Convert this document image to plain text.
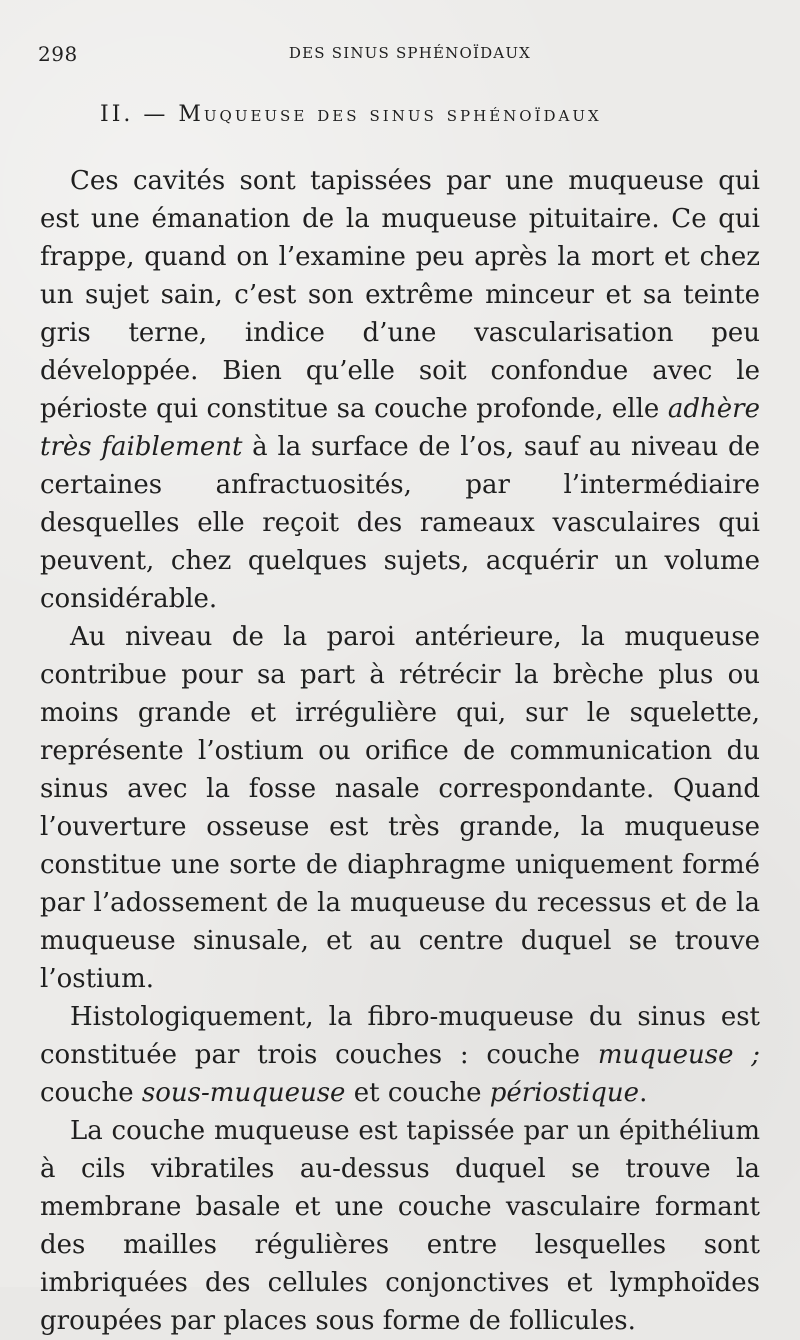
298	DES SINUS SPHÉNOÏDAUX
II. — Muqueuse des sinus sphénoïdaux

Ces cavités sont tapissées par une muqueuse qui est une émanation de la muqueuse pituitaire. Ce qui frappe, quand on l’examine peu après la mort et chez un sujet sain, c’est son extrême minceur et sa teinte gris terne, indice d’une vascularisation peu développée. Bien qu’elle soit confondue avec le périoste qui constitue sa couche profonde, elle adhère très faiblement à la surface de l’os, sauf au niveau de certaines anfractuosités, par l’intermédiaire desquelles elle reçoit des rameaux vasculaires qui peuvent, chez quelques sujets, acquérir un volume considérable.

Au niveau de la paroi antérieure, la muqueuse contribue pour sa part à rétrécir la brèche plus ou moins grande et irrégulière qui, sur le squelette, représente l’ostium ou orifice de communication du sinus avec la fosse nasale correspondante. Quand l’ouverture osseuse est très grande, la muqueuse constitue une sorte de diaphragme uniquement formé par l’adossement de la muqueuse du recessus et de la muqueuse sinusale, et au centre duquel se trouve l’ostium.

Histologiquement, la fibro-muqueuse du sinus est constituée par trois couches : couche muqueuse ; couche sous-muqueuse et couche périostique.

La couche muqueuse est tapissée par un épithélium à cils vibratiles au-dessus duquel se trouve la membrane basale et une couche vasculaire formant des mailles régulières entre lesquelles sont imbriquées des cellules conjonctives et lymphoïdes groupées par places sous forme de follicules.
